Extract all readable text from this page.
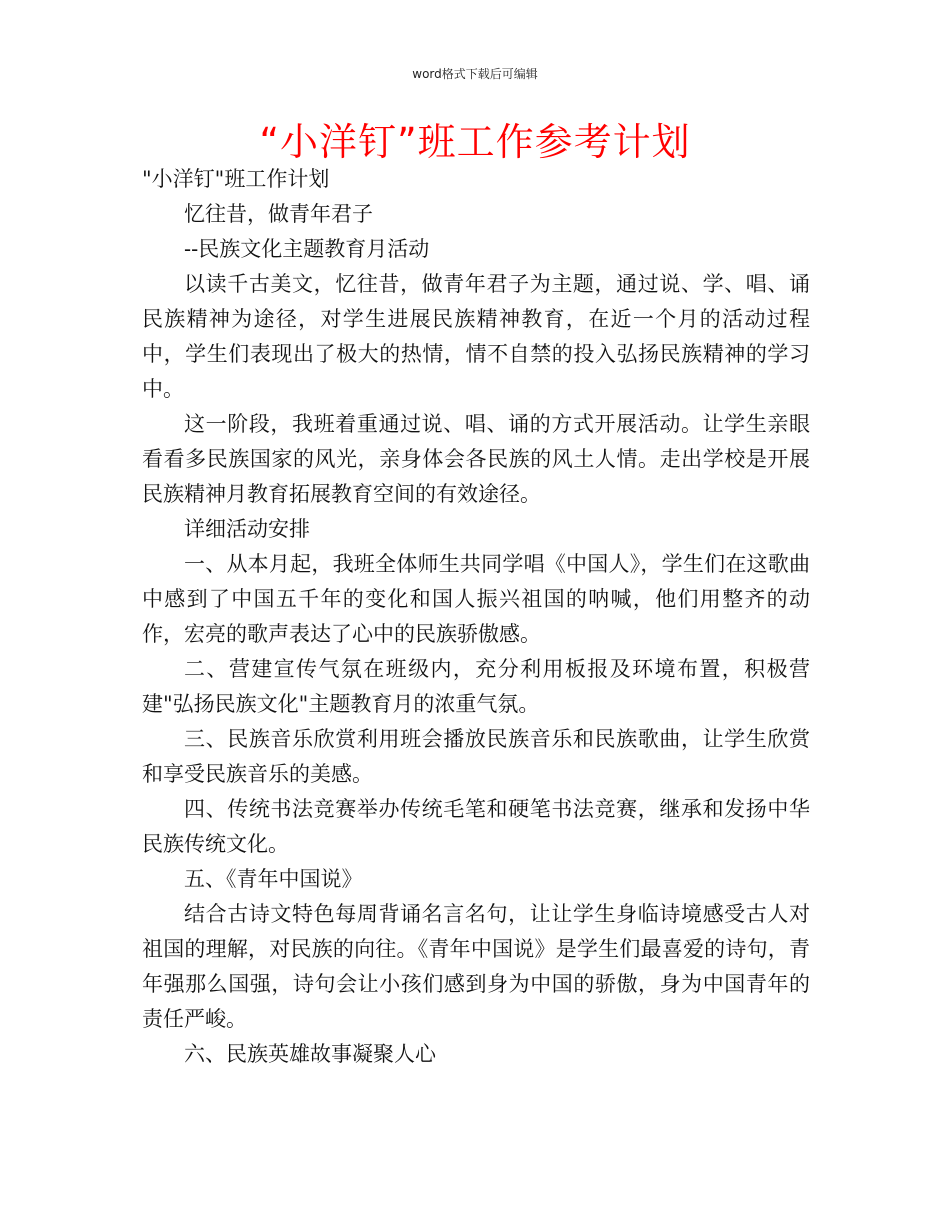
word格式下载后可编辑
“小洋钉”班工作参考计划

"小洋钉"班工作计划

忆往昔，做青年君子

--民族文化主题教育月活动

以读千古美文，忆往昔，做青年君子为主题，通过说、学、唱、诵民族精神为途径，对学生进展民族精神教育，在近一个月的活动过程中，学生们表现出了极大的热情，情不自禁的投入弘扬民族精神的学习中。

这一阶段，我班着重通过说、唱、诵的方式开展活动。让学生亲眼看看多民族国家的风光，亲身体会各民族的风土人情。走出学校是开展民族精神月教育拓展教育空间的有效途径。

详细活动安排

一、从本月起，我班全体师生共同学唱《中国人》，学生们在这歌曲中感到了中国五千年的变化和国人振兴祖国的呐喊，他们用整齐的动作，宏亮的歌声表达了心中的民族骄傲感。

二、营建宣传气氛在班级内，充分利用板报及环境布置，积极营建"弘扬民族文化"主题教育月的浓重气氛。

三、民族音乐欣赏利用班会播放民族音乐和民族歌曲，让学生欣赏和享受民族音乐的美感。

四、传统书法竞赛举办传统毛笔和硬笔书法竞赛，继承和发扬中华民族传统文化。

五、《青年中国说》

结合古诗文特色每周背诵名言名句，让让学生身临诗境感受古人对祖国的理解，对民族的向往。《青年中国说》是学生们最喜爱的诗句，青年强那么国强，诗句会让小孩们感到身为中国的骄傲，身为中国青年的责任严峻。

六、民族英雄故事凝聚人心
